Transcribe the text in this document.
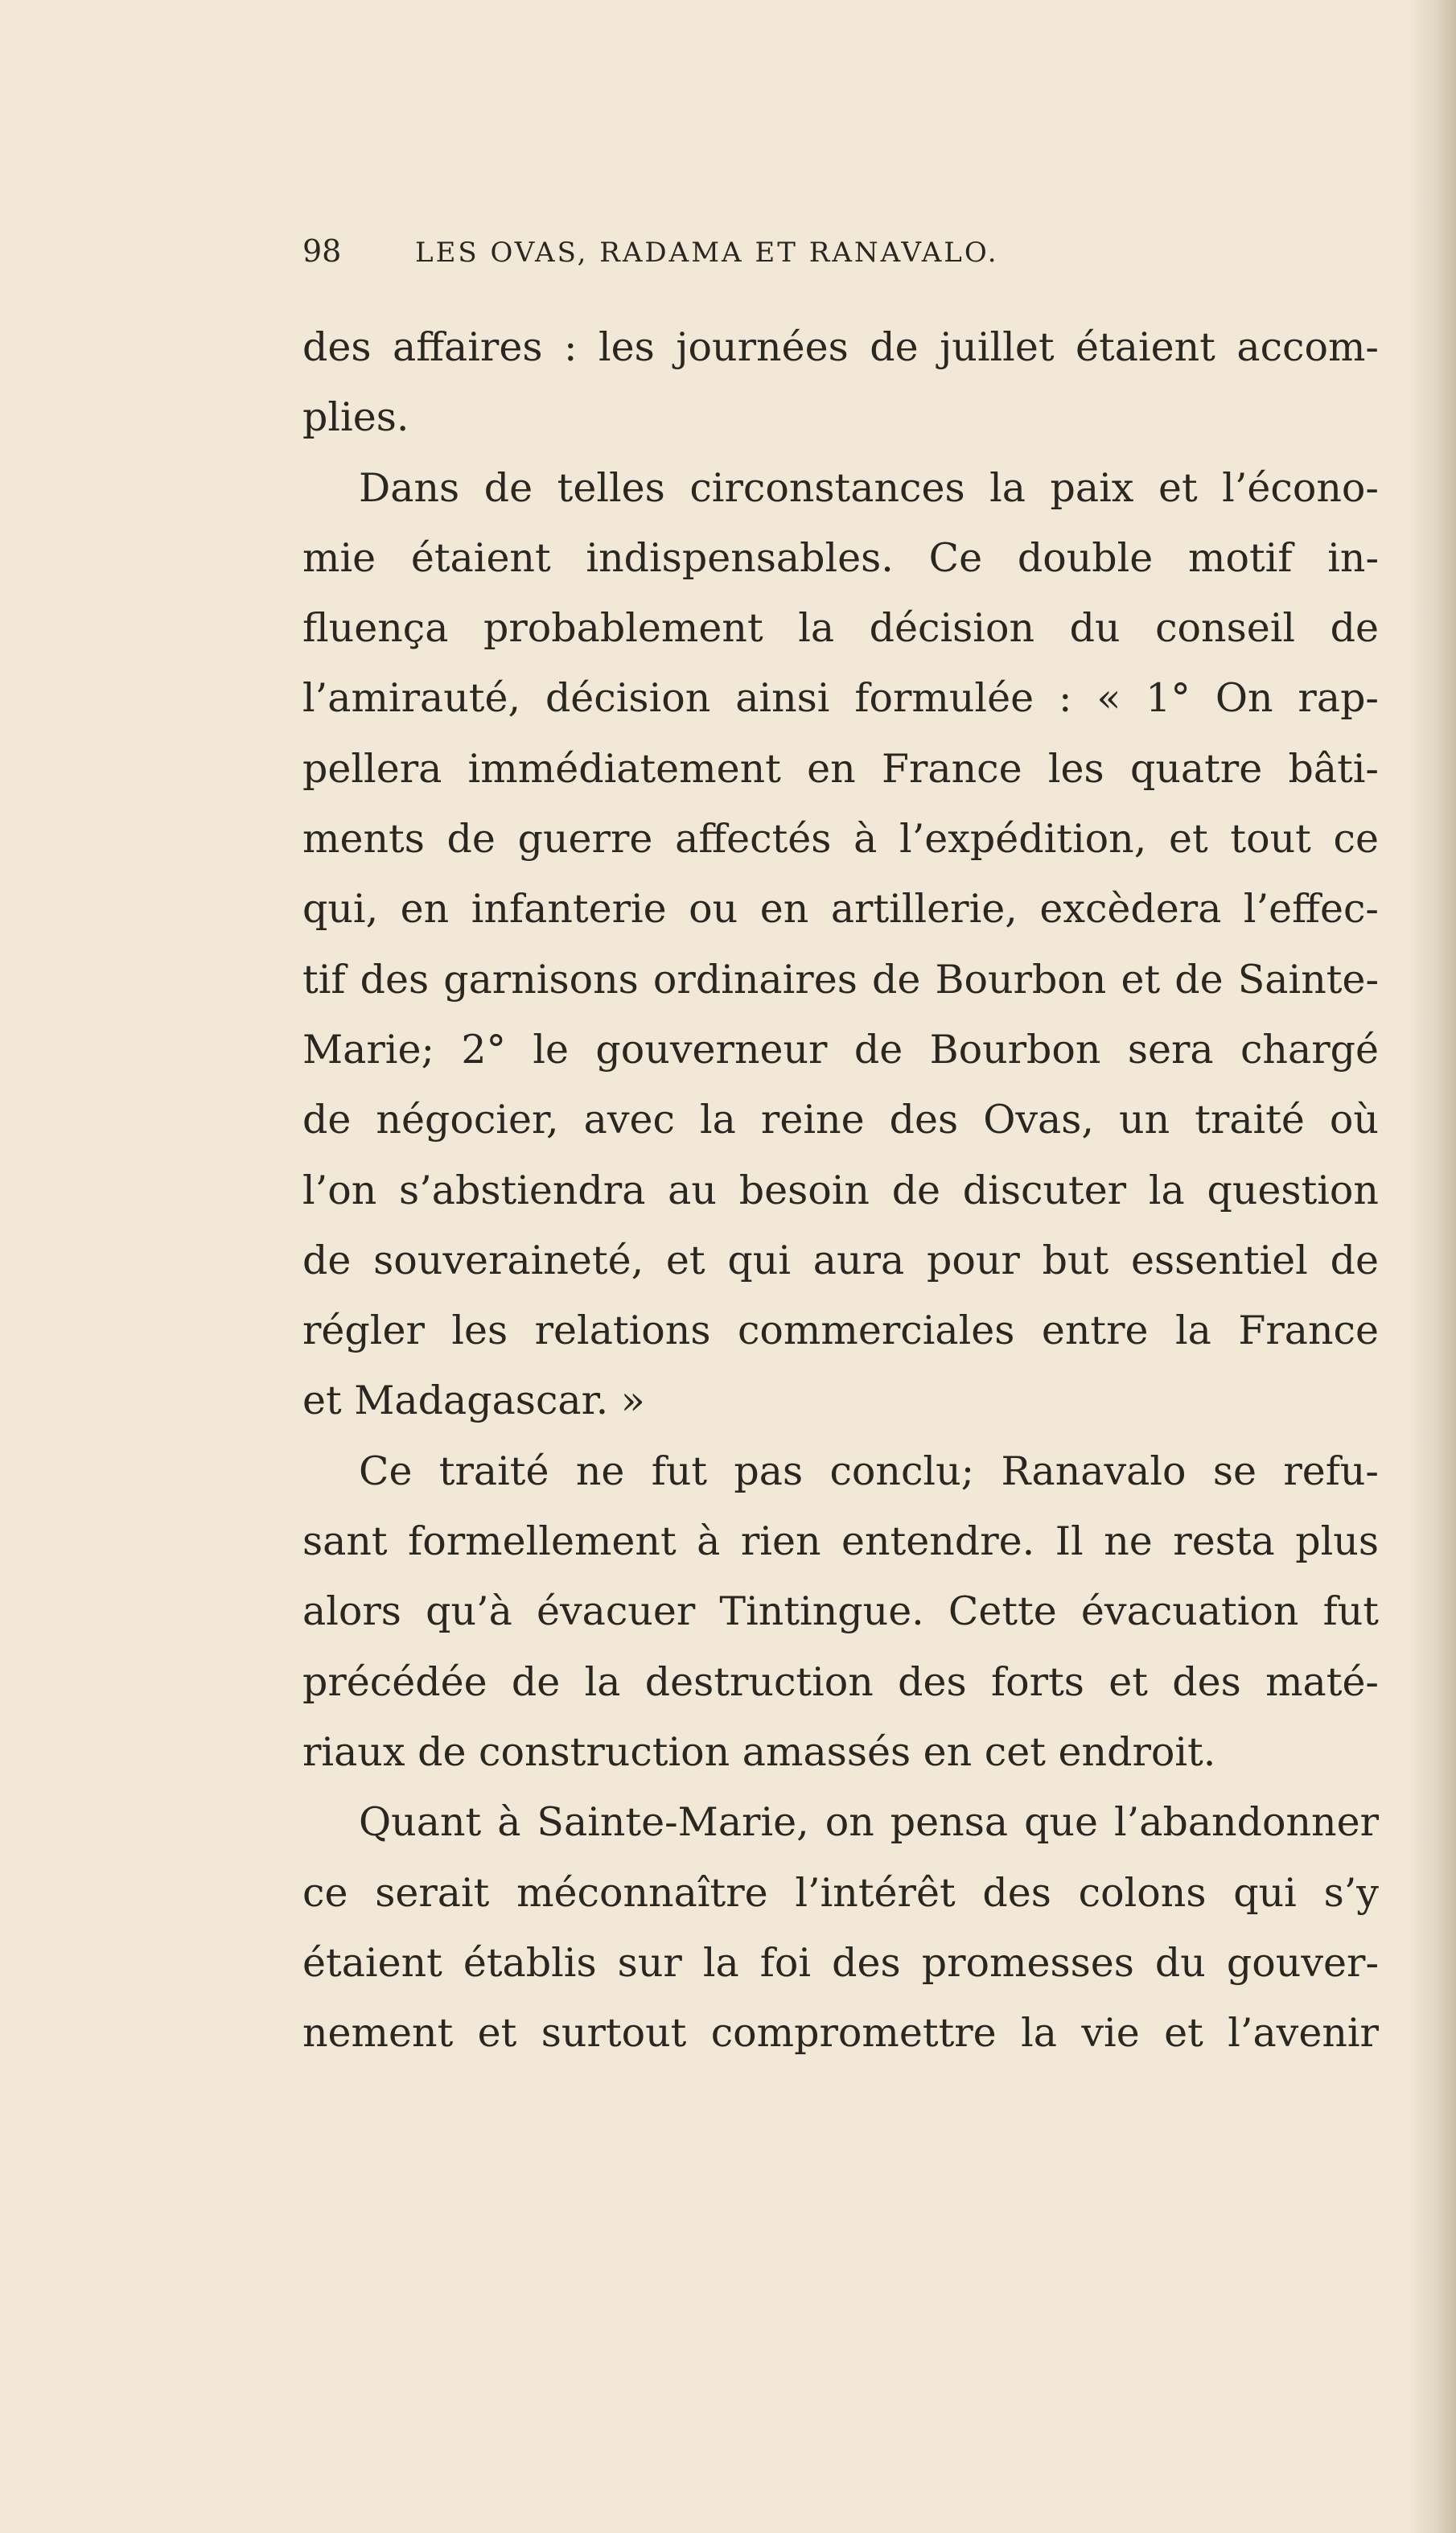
98	LES OVAS, RADAMA ET RANAVALO.
des affaires : les journées de juillet étaient accom-
plies.
Dans de telles circonstances la paix et l’écono-
mie étaient indispensables. Ce double motif in-
fluença probablement la décision du conseil de
l’amirauté, décision ainsi formulée : « 1° On rap-
pellera immédiatement en France les quatre bâti-
ments de guerre affectés à l’expédition, et tout ce
qui, en infanterie ou en artillerie, excèdera l’effec-
tif des garnisons ordinaires de Bourbon et de Sainte-
Marie; 2° le gouverneur de Bourbon sera chargé
de négocier, avec la reine des Ovas, un traité où
l’on s’abstiendra au besoin de discuter la question
de souveraineté, et qui aura pour but essentiel de
régler les relations commerciales entre la France
et Madagascar. »
Ce traité ne fut pas conclu; Ranavalo se refu-
sant formellement à rien entendre. Il ne resta plus
alors qu’à évacuer Tintingue. Cette évacuation fut
précédée de la destruction des forts et des maté-
riaux de construction amassés en cet endroit.
Quant à Sainte-Marie, on pensa que l’abandonner
ce serait méconnaître l’intérêt des colons qui s’y
étaient établis sur la foi des promesses du gouver-
nement et surtout compromettre la vie et l’avenir
